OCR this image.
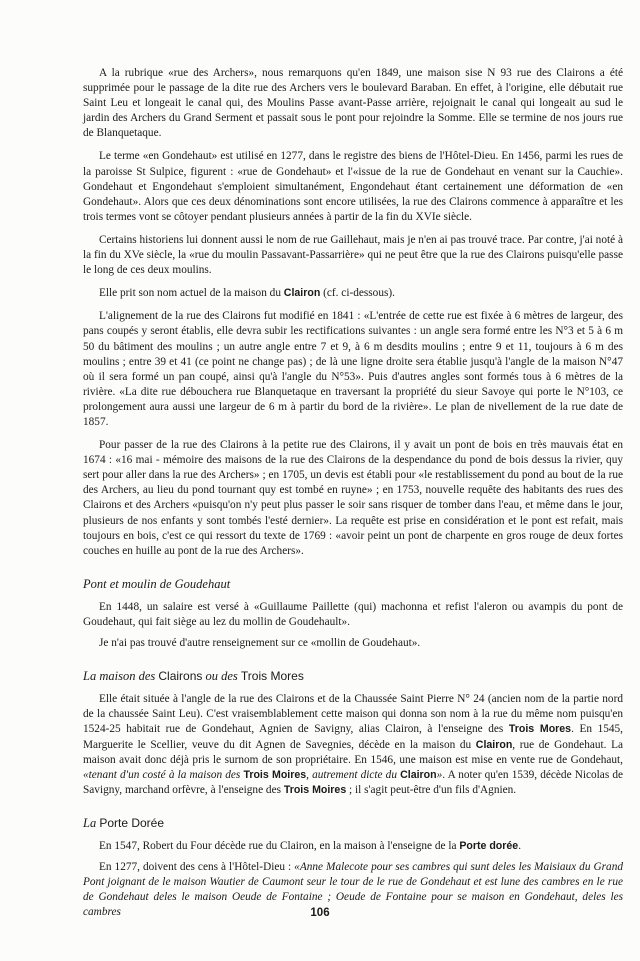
A la rubrique «rue des Archers», nous remarquons qu'en 1849, une maison sise N 93 rue des Clairons a été supprimée pour le passage de la dite rue des Archers vers le boulevard Baraban. En effet, à l'origine, elle débutait rue Saint Leu et longeait le canal qui, des Moulins Passe avant-Passe arrière, rejoignait le canal qui longeait au sud le jardin des Archers du Grand Serment et passait sous le pont pour rejoindre la Somme. Elle se termine de nos jours rue de Blanquetaque.

Le terme «en Gondehaut» est utilisé en 1277, dans le registre des biens de l'Hôtel-Dieu. En 1456, parmi les rues de la paroisse St Sulpice, figurent : «rue de Gondehaut» et l'«issue de la rue de Gondehaut en venant sur la Cauchie». Gondehaut et Engondehaut s'emploient simultanément, Engondehaut étant certainement une déformation de «en Gondehaut». Alors que ces deux dénominations sont encore utilisées, la rue des Clairons commence à apparaître et les trois termes vont se côtoyer pendant plusieurs années à partir de la fin du XVIe siècle.

Certains historiens lui donnent aussi le nom de rue Gaillehaut, mais je n'en ai pas trouvé trace. Par contre, j'ai noté à la fin du XVe siècle, la «rue du moulin Passavant-Passarrière» qui ne peut être que la rue des Clairons puisqu'elle passe le long de ces deux moulins.

Elle prit son nom actuel de la maison du Clairon (cf. ci-dessous).

L'alignement de la rue des Clairons fut modifié en 1841 : «L'entrée de cette rue est fixée à 6 mètres de largeur, des pans coupés y seront établis, elle devra subir les rectifications suivantes : un angle sera formé entre les N°3 et 5 à 6 m 50 du bâtiment des moulins ; un autre angle entre 7 et 9, à 6 m desdits moulins ; entre 9 et 11, toujours à 6 m des moulins ; entre 39 et 41 (ce point ne change pas) ; de là une ligne droite sera établie jusqu'à l'angle de la maison N°47 où il sera formé un pan coupé, ainsi qu'à l'angle du N°53». Puis d'autres angles sont formés tous à 6 mètres de la rivière. «La dite rue déboucherа rue Blanquetaque en traversant la propriété du sieur Savoye qui porte le N°103, ce prolongement aura aussi une largeur de 6 m à partir du bord de la rivière». Le plan de nivellement de la rue date de 1857.

Pour passer de la rue des Clairons à la petite rue des Clairons, il y avait un pont de bois en très mauvais état en 1674 : «16 mai - mémoire des maisons de la rue des Clairons de la despendance du pond de bois dessus la rivier, quy sert pour aller dans la rue des Archers» ; en 1705, un devis est établi pour «le restablissement du pond au bout de la rue des Archers, au lieu du pond tournant quy est tombé en ruyne» ; en 1753, nouvelle requête des habitants des rues des Clairons et des Archers «puisqu'on n'y peut plus passer le soir sans risquer de tomber dans l'eau, et même dans le jour, plusieurs de nos enfants y sont tombés l'esté dernier». La requête est prise en considération et le pont est refait, mais toujours en bois, c'est ce qui ressort du texte de 1769 : «avoir peint un pont de charpente en gros rouge de deux fortes couches en huille au pont de la rue des Archers».

Pont et moulin de Goudehaut

En 1448, un salaire est versé à «Guillaume Paillette (qui) machonna et refist l'aleron ou avampis du pont de Goudehaut, qui fait siège au lez du mollin de Goudehault».

Je n'ai pas trouvé d'autre renseignement sur ce «mollin de Goudehaut».

La maison des Clairons ou des Trois Mores

Elle était située à l'angle de la rue des Clairons et de la Chaussée Saint Pierre N° 24 (ancien nom de la partie nord de la chaussée Saint Leu). C'est vraisemblablement cette maison qui donna son nom à la rue du même nom puisqu'en 1524-25 habitait rue de Gondehaut, Agnien de Savigny, alias Clairon, à l'enseigne des Trois Mores. En 1545, Marguerite le Scellier, veuve du dit Agnen de Savegnies, décède en la maison du Clairon, rue de Gondehaut. La maison avait donc déjà pris le surnom de son propriétaire. En 1546, une maison est mise en vente rue de Gondehaut, «tenant d'un costé à la maison des Trois Moires, autrement dicte du Clairon». A noter qu'en 1539, décède Nicolas de Savigny, marchand orfèvre, à l'enseigne des Trois Moires ; il s'agit peut-être d'un fils d'Agnien.

La Porte Dorée

En 1547, Robert du Four décède rue du Clairon, en la maison à l'enseigne de la Porte dorée.

En 1277, doivent des cens à l'Hôtel-Dieu : «Anne Malecote pour ses cambres qui sunt deles les Maisiaux du Grand Pont joignant de le maison Wautier de Caumont seur le tour de le rue de Gondehaut et est lune des cambres en le rue de Gondehaut deles le maison Oeude de Fontaine ; Oeude de Fontaine pour se maison en Gondehaut, deles les cambres	106
